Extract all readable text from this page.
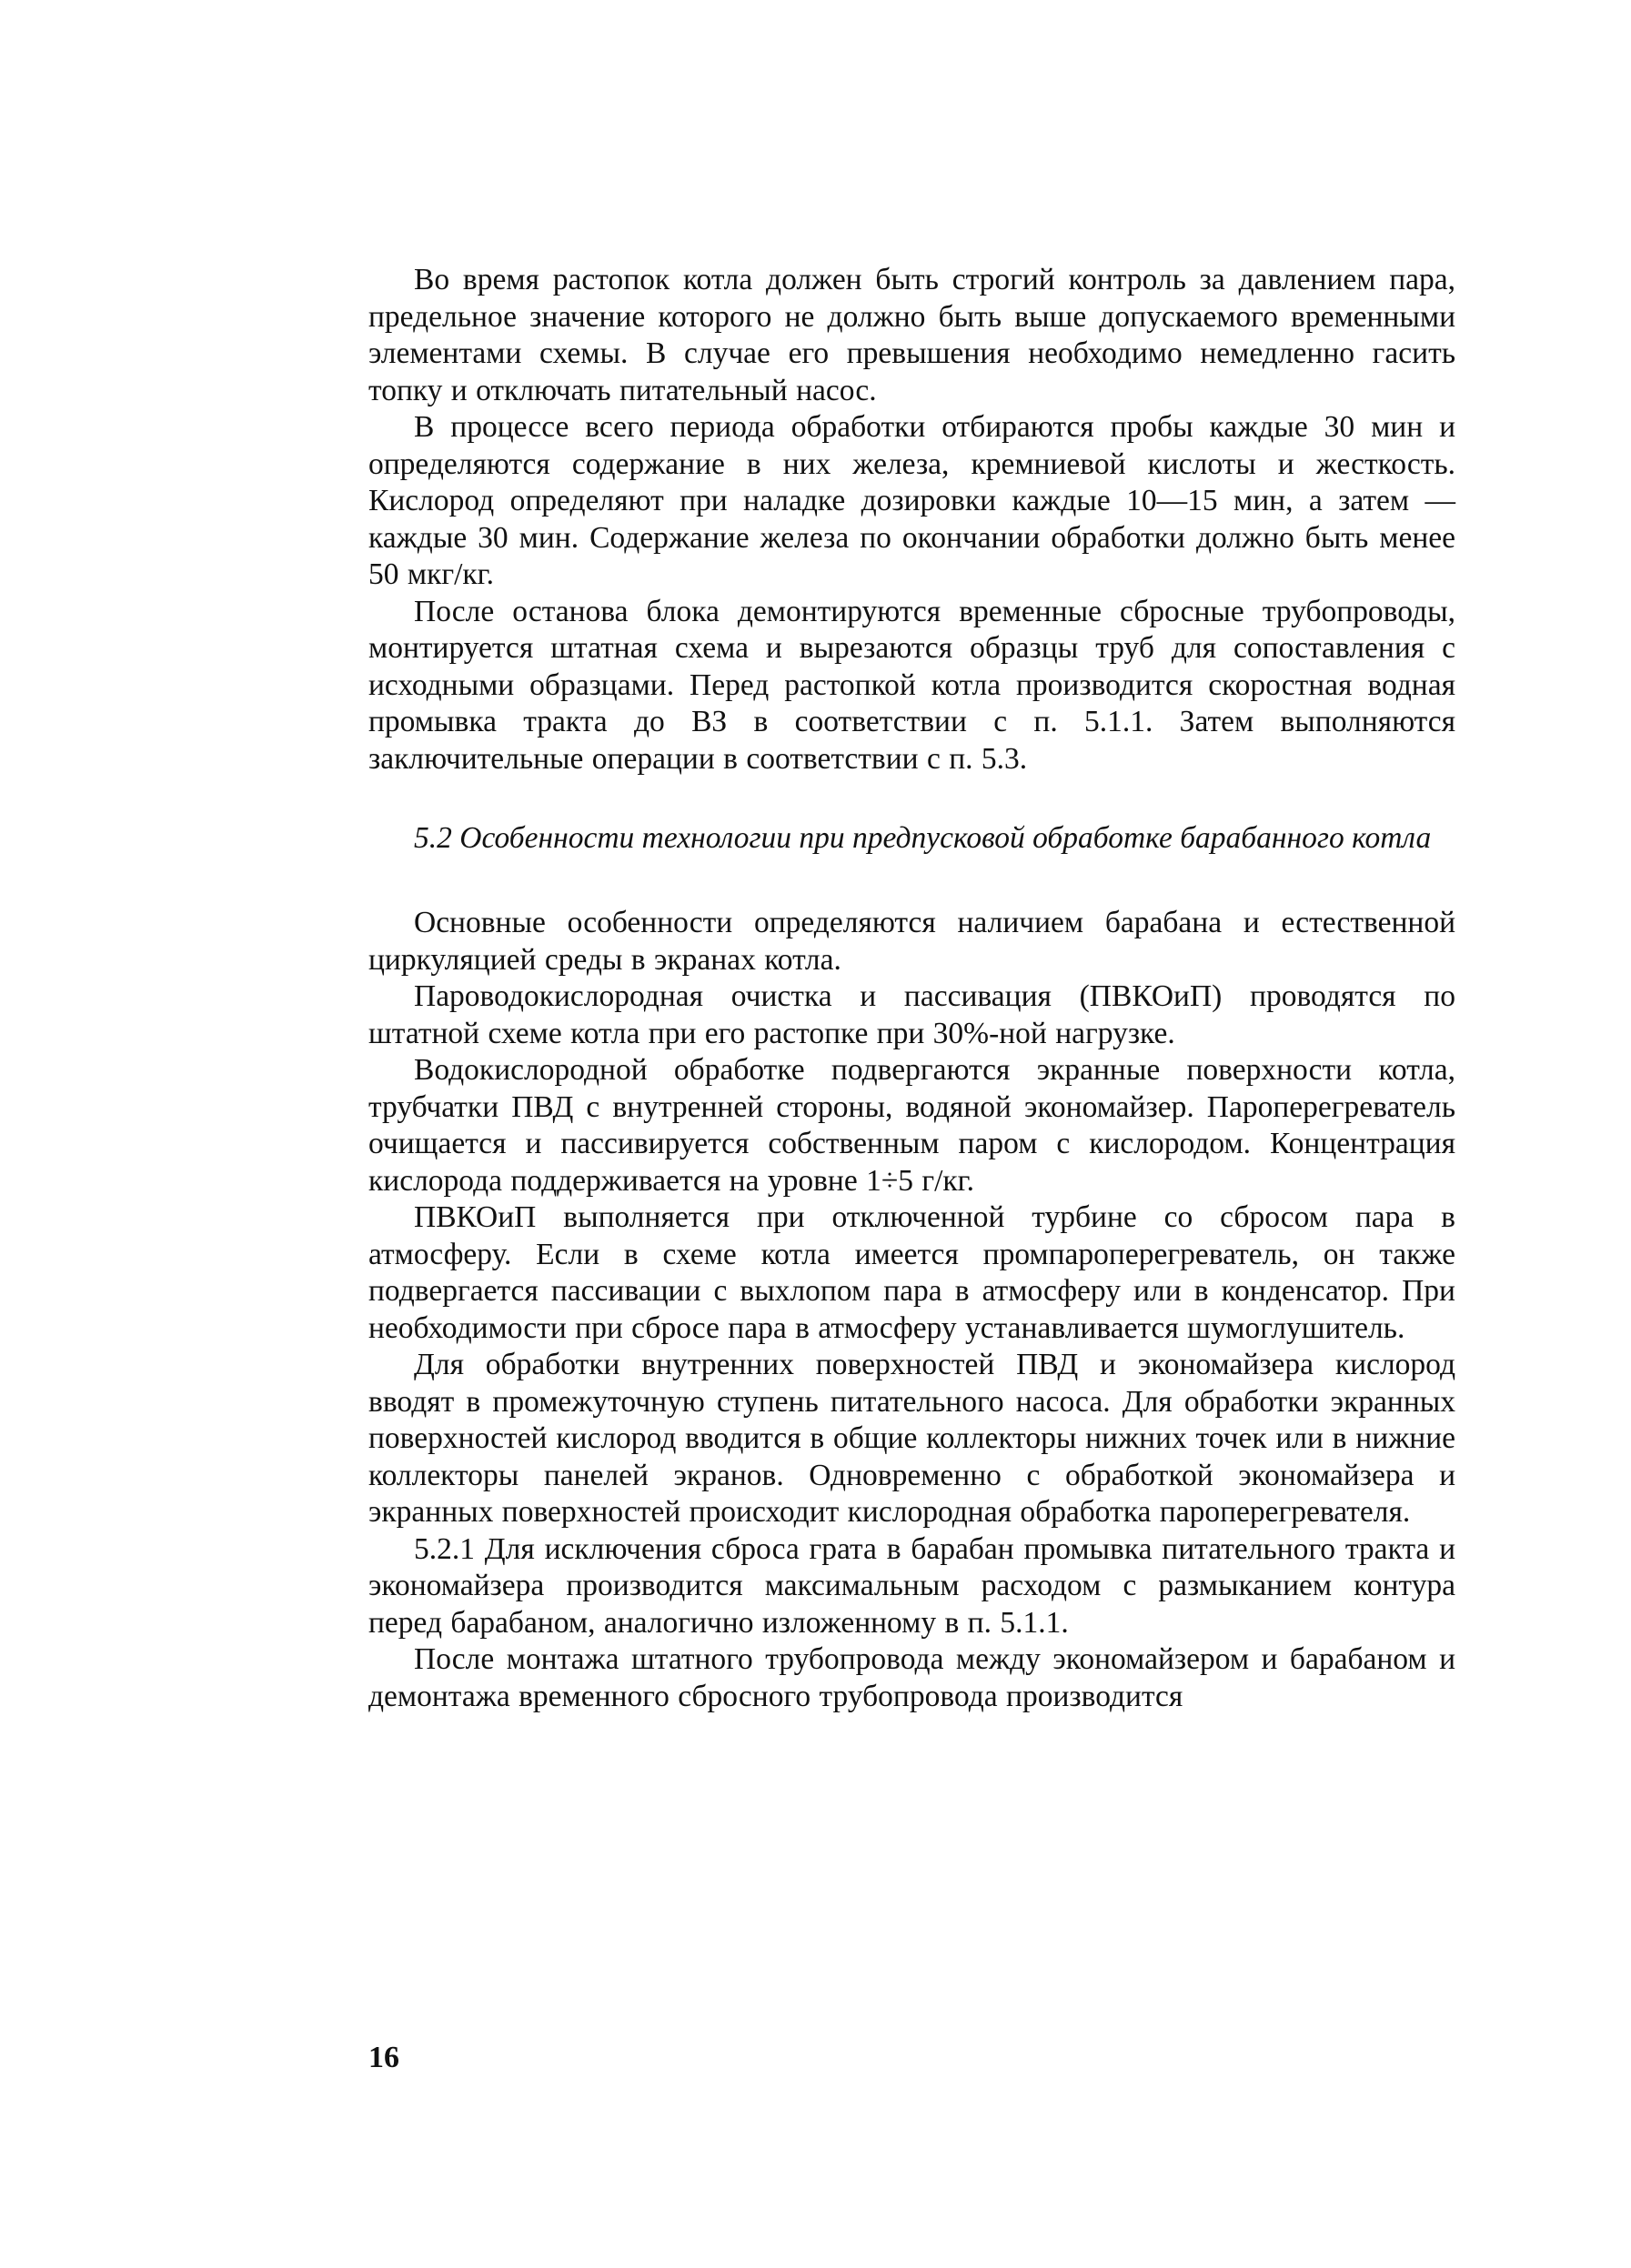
Во время растопок котла должен быть строгий контроль за давлением пара, предельное значение которого не должно быть выше допускаемого временными элементами схемы. В случае его превышения необходимо немедленно гасить топку и отключать питательный насос.

В процессе всего периода обработки отбираются пробы каждые 30 мин и определяются содержание в них железа, кремниевой кислоты и жесткость. Кислород определяют при наладке дозировки каждые 10—15 мин, а затем — каждые 30 мин. Содержание железа по окончании обработки должно быть менее 50 мкг/кг.

После останова блока демонтируются временные сбросные трубопроводы, монтируется штатная схема и вырезаются образцы труб для сопоставления с исходными образцами. Перед растопкой котла производится скоростная водная промывка тракта до ВЗ в соответствии с п. 5.1.1. Затем выполняются заключительные операции в соответствии с п. 5.3.

5.2 Особенности технологии при предпусковой обработке барабанного котла

Основные особенности определяются наличием барабана и естественной циркуляцией среды в экранах котла.

Пароводокислородная очистка и пассивация (ПВКОиП) проводятся по штатной схеме котла при его растопке при 30%-ной нагрузке.

Водокислородной обработке подвергаются экранные поверхности котла, трубчатки ПВД с внутренней стороны, водяной экономайзер. Пароперегреватель очищается и пассивируется собственным паром с кислородом. Концентрация кислорода поддерживается на уровне 1÷5 г/кг.

ПВКОиП выполняется при отключенной турбине со сбросом пара в атмосферу. Если в схеме котла имеется промпароперегреватель, он также подвергается пассивации с выхлопом пара в атмосферу или в конденсатор. При необходимости при сбросе пара в атмосферу устанавливается шумоглушитель.

Для обработки внутренних поверхностей ПВД и экономайзера кислород вводят в промежуточную ступень питательного насоса. Для обработки экранных поверхностей кислород вводится в общие коллекторы нижних точек или в нижние коллекторы панелей экранов. Одновременно с обработкой экономайзера и экранных поверхностей происходит кислородная обработка пароперегревателя.

5.2.1 Для исключения сброса грата в барабан промывка питательного тракта и экономайзера производится максимальным расходом с размыканием контура перед барабаном, аналогично изложенному в п. 5.1.1.

После монтажа штатного трубопровода между экономайзером и барабаном и демонтажа временного сбросного трубопровода производится

16
